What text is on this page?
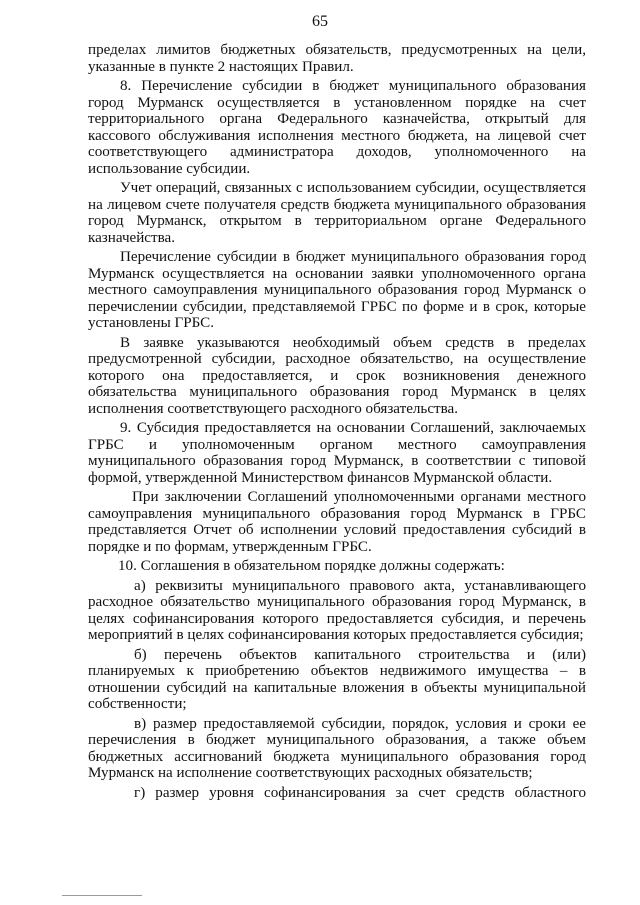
65

пределах лимитов бюджетных обязательств, предусмотренных на цели, указанные в пункте 2 настоящих Правил.

8. Перечисление субсидии в бюджет муниципального образования город Мурманск осуществляется в установленном порядке на счет территориального органа Федерального казначейства, открытый для кассового обслуживания исполнения местного бюджета, на лицевой счет соответствующего администратора доходов, уполномоченного на использование субсидии.

Учет операций, связанных с использованием субсидии, осуществляется на лицевом счете получателя средств бюджета муниципального образования город Мурманск, открытом в территориальном органе Федерального казначейства.

Перечисление субсидии в бюджет муниципального образования город Мурманск осуществляется на основании заявки уполномоченного органа местного самоуправления муниципального образования город Мурманск о перечислении субсидии, представляемой ГРБС по форме и в срок, которые установлены ГРБС.

В заявке указываются необходимый объем средств в пределах предусмотренной субсидии, расходное обязательство, на осуществление которого она предоставляется, и срок возникновения денежного обязательства муниципального образования город Мурманск в целях исполнения соответствующего расходного обязательства.

9. Субсидия предоставляется на основании Соглашений, заключаемых ГРБС и уполномоченным органом местного самоуправления муниципального образования город Мурманск, в соответствии с типовой формой, утвержденной Министерством финансов Мурманской области.

При заключении Соглашений уполномоченными органами местного самоуправления муниципального образования город Мурманск в ГРБС представляется Отчет об исполнении условий предоставления субсидий в порядке и по формам, утвержденным ГРБС.

10. Соглашения в обязательном порядке должны содержать:

а) реквизиты муниципального правового акта, устанавливающего расходное обязательство муниципального образования город Мурманск, в целях софинансирования которого предоставляется субсидия, и перечень мероприятий в целях софинансирования которых предоставляется субсидия;

б) перечень объектов капитального строительства и (или) планируемых к приобретению объектов недвижимого имущества – в отношении субсидий на капитальные вложения в объекты муниципальной собственности;

в) размер предоставляемой субсидии, порядок, условия и сроки ее перечисления в бюджет муниципального образования, а также объем бюджетных ассигнований бюджета муниципального образования город Мурманск на исполнение соответствующих расходных обязательств;

г) размер уровня софинансирования за счет средств областного
